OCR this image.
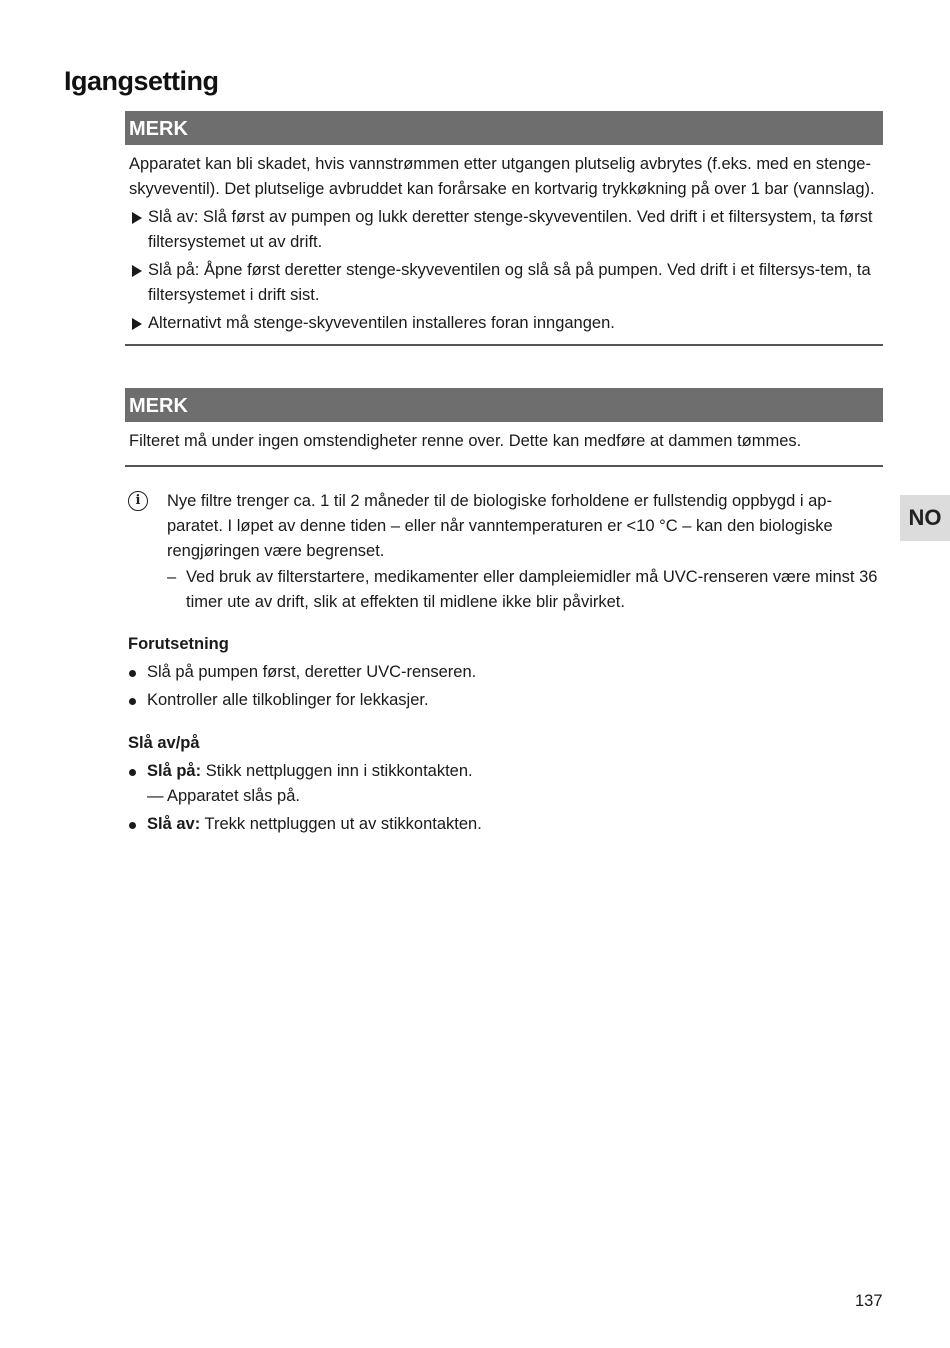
Igangsetting
NO
MERK
Apparatet kan bli skadet, hvis vannstrømmen etter utgangen plutselig avbrytes (f.eks. med en stenge-skyveventil). Det plutselige avbruddet kan forårsake en kortvarig trykkøkning på over 1 bar (vannslag).
Slå av: Slå først av pumpen og lukk deretter stenge-skyveventilen. Ved drift i et filtersystem, ta først filtersystemet ut av drift.
Slå på: Åpne først deretter stenge-skyveventilen og slå så på pumpen. Ved drift i et filtersys-tem, ta filtersystemet i drift sist.
Alternativt må stenge-skyveventilen installeres foran inngangen.
MERK
Filteret må under ingen omstendigheter renne over. Dette kan medføre at dammen tømmes.
i	Nye filtre trenger ca. 1 til 2 måneder til de biologiske forholdene er fullstendig oppbygd i ap-paratet. I løpet av denne tiden – eller når vanntemperaturen er <10 °C – kan den biologiske rengjøringen være begrenset.
– Ved bruk av filterstartere, medikamenter eller dampleiemidler må UVC-renseren være minst 36 timer ute av drift, slik at effekten til midlene ikke blir påvirket.
Forutsetning
Slå på pumpen først, deretter UVC-renseren.
Kontroller alle tilkoblinger for lekkasjer.
Slå av/på
Slå på: Stikk nettpluggen inn i stikkontakten.
— Apparatet slås på.
Slå av: Trekk nettpluggen ut av stikkontakten.
137
